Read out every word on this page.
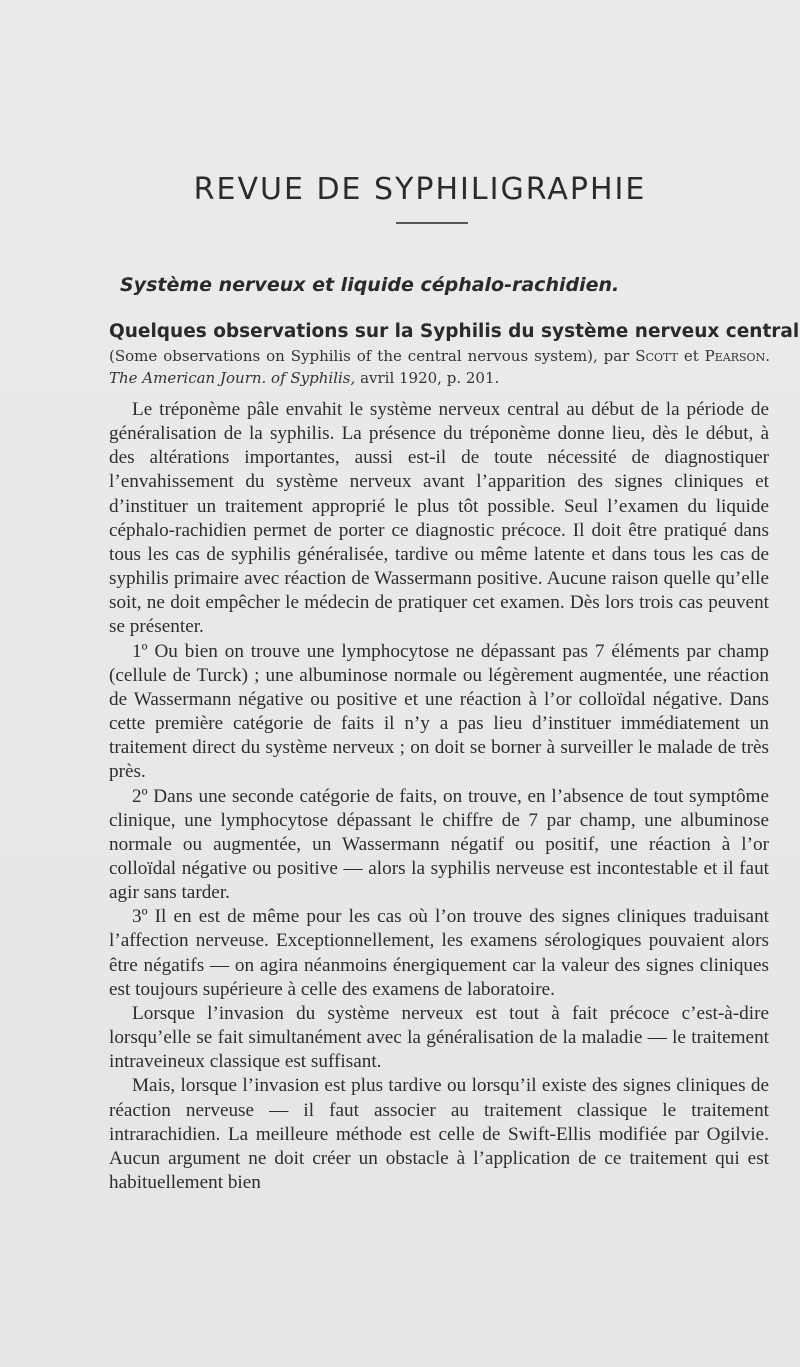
REVUE DE SYPHILIGRAPHIE
Système nerveux et liquide céphalo-rachidien.
Quelques observations sur la Syphilis du système nerveux central

(Some observations on Syphilis of the central nervous system), par Scott et Pearson. The American Journ. of Syphilis, avril 1920, p. 201.

Le tréponème pâle envahit le système nerveux central au début de la période de généralisation de la syphilis. La présence du tréponème donne lieu, dès le début, à des altérations importantes, aussi est-il de toute nécessité de diagnostiquer l’envahissement du système nerveux avant l’apparition des signes cliniques et d’instituer un traitement approprié le plus tôt possible. Seul l’examen du liquide céphalo-rachidien permet de porter ce diagnostic précoce. Il doit être pratiqué dans tous les cas de syphilis généralisée, tardive ou même latente et dans tous les cas de syphilis primaire avec réaction de Wassermann positive. Aucune raison quelle qu’elle soit, ne doit empêcher le médecin de pratiquer cet examen. Dès lors trois cas peuvent se présenter.

1º Ou bien on trouve une lymphocytose ne dépassant pas 7 éléments par champ (cellule de Turck) ; une albuminose normale ou légèrement augmentée, une réaction de Wassermann négative ou positive et une réaction à l’or colloïdal négative. Dans cette première catégorie de faits il n’y a pas lieu d’instituer immédiatement un traitement direct du système nerveux ; on doit se borner à surveiller le malade de très près.

2º Dans une seconde catégorie de faits, on trouve, en l’absence de tout symptôme clinique, une lymphocytose dépassant le chiffre de 7 par champ, une albuminose normale ou augmentée, un Wassermann négatif ou positif, une réaction à l’or colloïdal négative ou positive — alors la syphilis nerveuse est incontestable et il faut agir sans tarder.

3º Il en est de même pour les cas où l’on trouve des signes cliniques traduisant l’affection nerveuse. Exceptionnellement, les examens sérologiques pouvaient alors être négatifs — on agira néanmoins énergiquement car la valeur des signes cliniques est toujours supérieure à celle des examens de laboratoire.

Lorsque l’invasion du système nerveux est tout à fait précoce c’est-à-dire lorsqu’elle se fait simultanément avec la généralisation de la maladie — le traitement intraveineux classique est suffisant.

Mais, lorsque l’invasion est plus tardive ou lorsqu’il existe des signes cliniques de réaction nerveuse — il faut associer au traitement classique le traitement intrarachidien. La meilleure méthode est celle de Swift-Ellis modifiée par Ogilvie. Aucun argument ne doit créer un obstacle à l’application de ce traitement qui est habituellement bien
